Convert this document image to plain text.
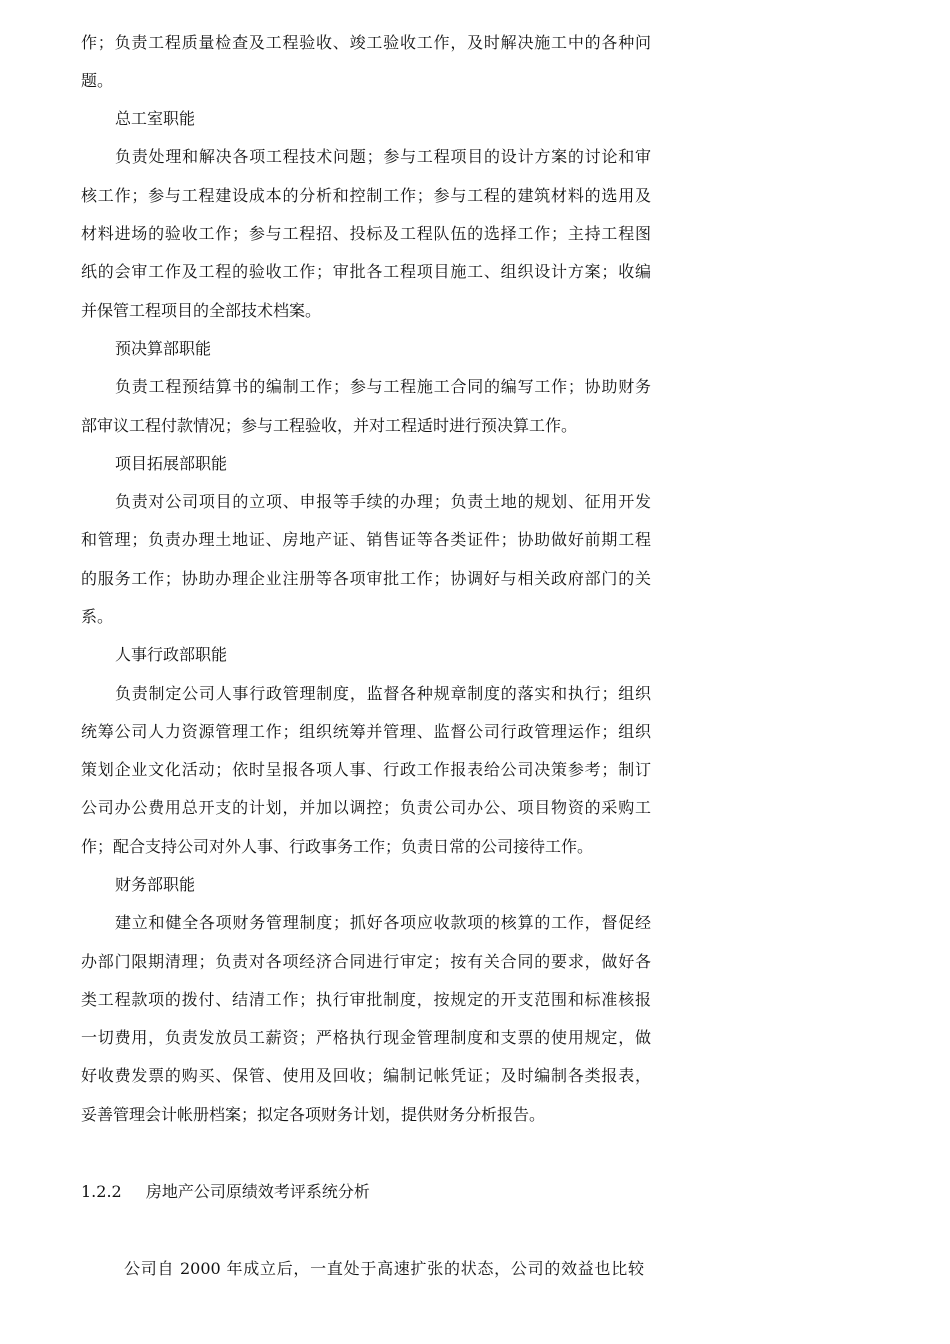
作；负责工程质量检查及工程验收、竣工验收工作，及时解决施工中的各种问
题。
总工室职能
负责处理和解决各项工程技术问题；参与工程项目的设计方案的讨论和审
核工作；参与工程建设成本的分析和控制工作；参与工程的建筑材料的选用及
材料进场的验收工作；参与工程招、投标及工程队伍的选择工作；主持工程图
纸的会审工作及工程的验收工作；审批各工程项目施工、组织设计方案；收编
并保管工程项目的全部技术档案。
预决算部职能
负责工程预结算书的编制工作；参与工程施工合同的编写工作；协助财务
部审议工程付款情况；参与工程验收，并对工程适时进行预决算工作。
项目拓展部职能
负责对公司项目的立项、申报等手续的办理；负责土地的规划、征用开发
和管理；负责办理土地证、房地产证、销售证等各类证件；协助做好前期工程
的服务工作；协助办理企业注册等各项审批工作；协调好与相关政府部门的关
系。
人事行政部职能
负责制定公司人事行政管理制度，监督各种规章制度的落实和执行；组织
统筹公司人力资源管理工作；组织统筹并管理、监督公司行政管理运作；组织
策划企业文化活动；依时呈报各项人事、行政工作报表给公司决策参考；制订
公司办公费用总开支的计划，并加以调控；负责公司办公、项目物资的采购工
作；配合支持公司对外人事、行政事务工作；负责日常的公司接待工作。
财务部职能
建立和健全各项财务管理制度；抓好各项应收款项的核算的工作，督促经
办部门限期清理；负责对各项经济合同进行审定；按有关合同的要求，做好各
类工程款项的拨付、结清工作；执行审批制度，按规定的开支范围和标准核报
一切费用，负责发放员工薪资；严格执行现金管理制度和支票的使用规定，做
好收费发票的购买、保管、使用及回收；编制记帐凭证；及时编制各类报表，
妥善管理会计帐册档案；拟定各项财务计划，提供财务分析报告。
1.2.2 房地产公司原绩效考评系统分析
公司自 2000 年成立后，一直处于高速扩张的状态，公司的效益也比较
